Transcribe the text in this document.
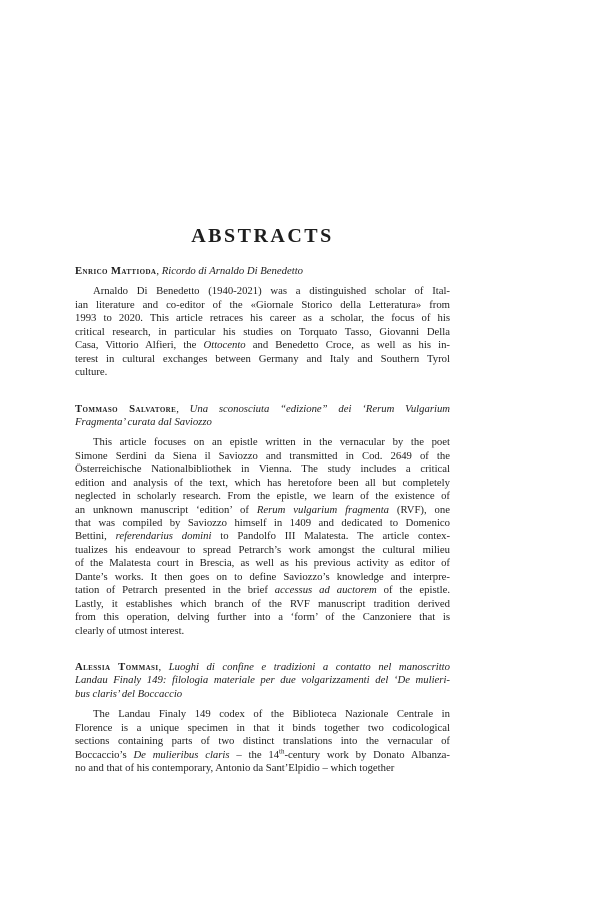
ABSTRACTS
Enrico Mattioda, Ricordo di Arnaldo Di Benedetto
Arnaldo Di Benedetto (1940-2021) was a distinguished scholar of Ital-
ian literature and co-editor of the «Giornale Storico della Letteratura» from
1993 to 2020. This article retraces his career as a scholar, the focus of his
critical research, in particular his studies on Torquato Tasso, Giovanni Della
Casa, Vittorio Alfieri, the Ottocento and Benedetto Croce, as well as his in-
terest in cultural exchanges between Germany and Italy and Southern Tyrol
culture.
Tommaso Salvatore, Una sconosciuta “edizione” dei ‘Rerum Vulgarium
Fragmenta’ curata dal Saviozzo
This article focuses on an epistle written in the vernacular by the poet
Simone Serdini da Siena il Saviozzo and transmitted in Cod. 2649 of the
Österreichische Nationalbibliothek in Vienna. The study includes a critical
edition and analysis of the text, which has heretofore been all but completely
neglected in scholarly research. From the epistle, we learn of the existence of
an unknown manuscript ‘edition’ of Rerum vulgarium fragmenta (RVF), one
that was compiled by Saviozzo himself in 1409 and dedicated to Domenico
Bettini, referendarius domini to Pandolfo III Malatesta. The article contex-
tualizes his endeavour to spread Petrarch’s work amongst the cultural milieu
of the Malatesta court in Brescia, as well as his previous activity as editor of
Dante’s works. It then goes on to define Saviozzo’s knowledge and interpre-
tation of Petrarch presented in the brief accessus ad auctorem of the epistle.
Lastly, it establishes which branch of the RVF manuscript tradition derived
from this operation, delving further into a ‘form’ of the Canzoniere that is
clearly of utmost interest.
Alessia Tommasi, Luoghi di confine e tradizioni a contatto nel manoscritto
Landau Finaly 149: filologia materiale per due volgarizzamenti del ‘De mulieri-
bus claris’ del Boccaccio
The Landau Finaly 149 codex of the Biblioteca Nazionale Centrale in
Florence is a unique specimen in that it binds together two codicological
sections containing parts of two distinct translations into the vernacular of
Boccaccio’s De mulieribus claris – the 14th-century work by Donato Albanza-
no and that of his contemporary, Antonio da Sant’Elpidio – which together
